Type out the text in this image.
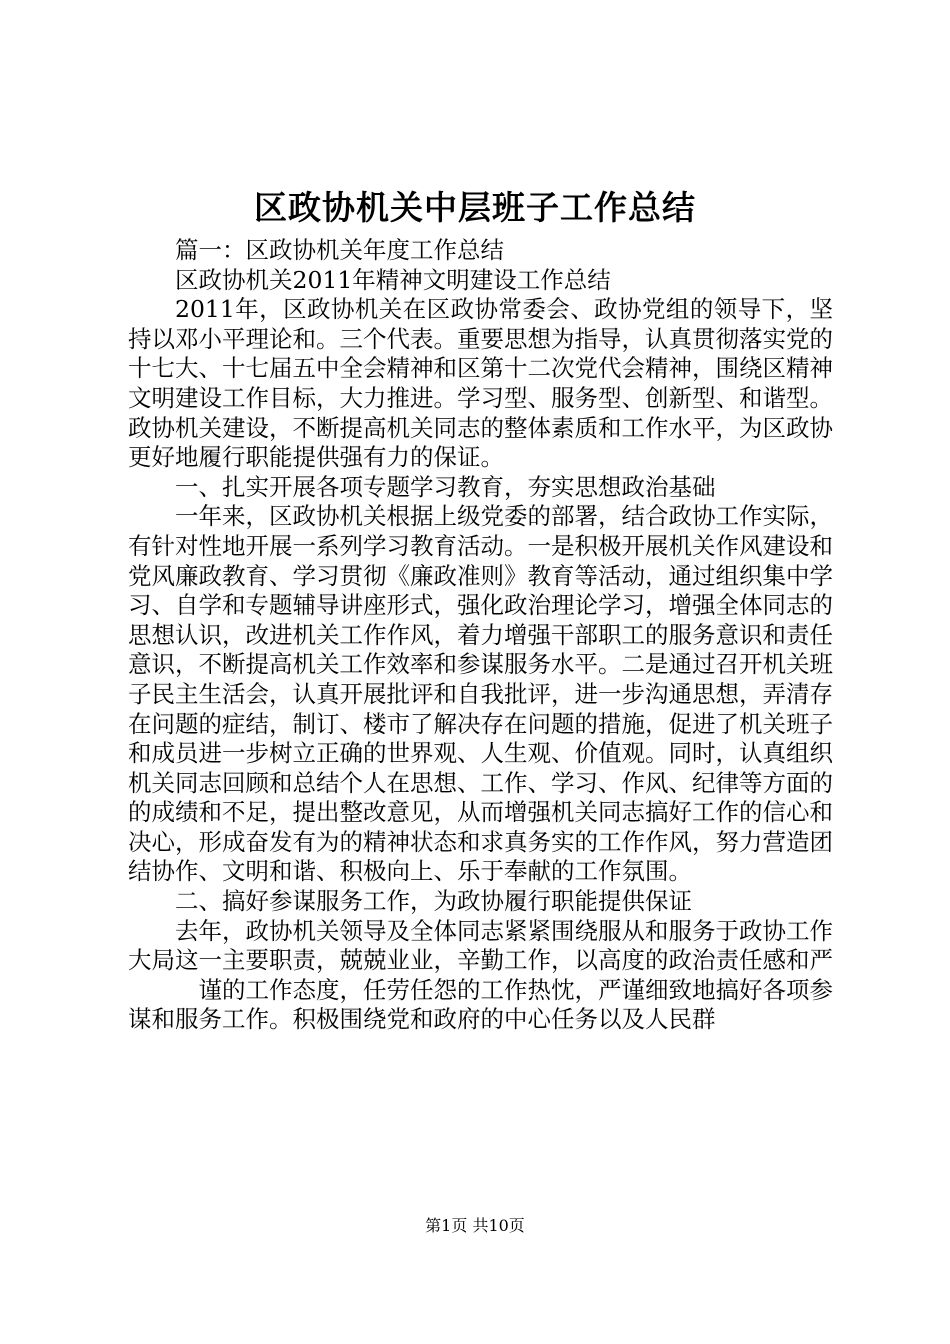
区政协机关中层班子工作总结

篇一：区政协机关年度工作总结

区政协机关2011年精神文明建设工作总结

2011年，区政协机关在区政协常委会、政协党组的领导下，坚持以邓小平理论和。三个代表。重要思想为指导，认真贯彻落实党的十七大、十七届五中全会精神和区第十二次党代会精神，围绕区精神文明建设工作目标，大力推进。学习型、服务型、创新型、和谐型。政协机关建设，不断提高机关同志的整体素质和工作水平，为区政协更好地履行职能提供强有力的保证。

一、扎实开展各项专题学习教育，夯实思想政治基础

一年来，区政协机关根据上级党委的部署，结合政协工作实际，有针对性地开展一系列学习教育活动。一是积极开展机关作风建设和党风廉政教育、学习贯彻《廉政准则》教育等活动，通过组织集中学习、自学和专题辅导讲座形式，强化政治理论学习，增强全体同志的思想认识，改进机关工作作风，着力增强干部职工的服务意识和责任意识，不断提高机关工作效率和参谋服务水平。二是通过召开机关班子民主生活会，认真开展批评和自我批评，进一步沟通思想，弄清存在问题的症结，制订、楼市了解决存在问题的措施，促进了机关班子和成员进一步树立正确的世界观、人生观、价值观。同时，认真组织机关同志回顾和总结个人在思想、工作、学习、作风、纪律等方面的的成绩和不足，提出整改意见，从而增强机关同志搞好工作的信心和决心，形成奋发有为的精神状态和求真务实的工作作风，努力营造团结协作、文明和谐、积极向上、乐于奉献的工作氛围。

二、搞好参谋服务工作，为政协履行职能提供保证

去年，政协机关领导及全体同志紧紧围绕服从和服务于政协工作大局这一主要职责，兢兢业业，辛勤工作，以高度的政治责任感和严

谨的工作态度，任劳任怨的工作热忱，严谨细致地搞好各项参谋和服务工作。积极围绕党和政府的中心任务以及人民群

第1页 共10页
